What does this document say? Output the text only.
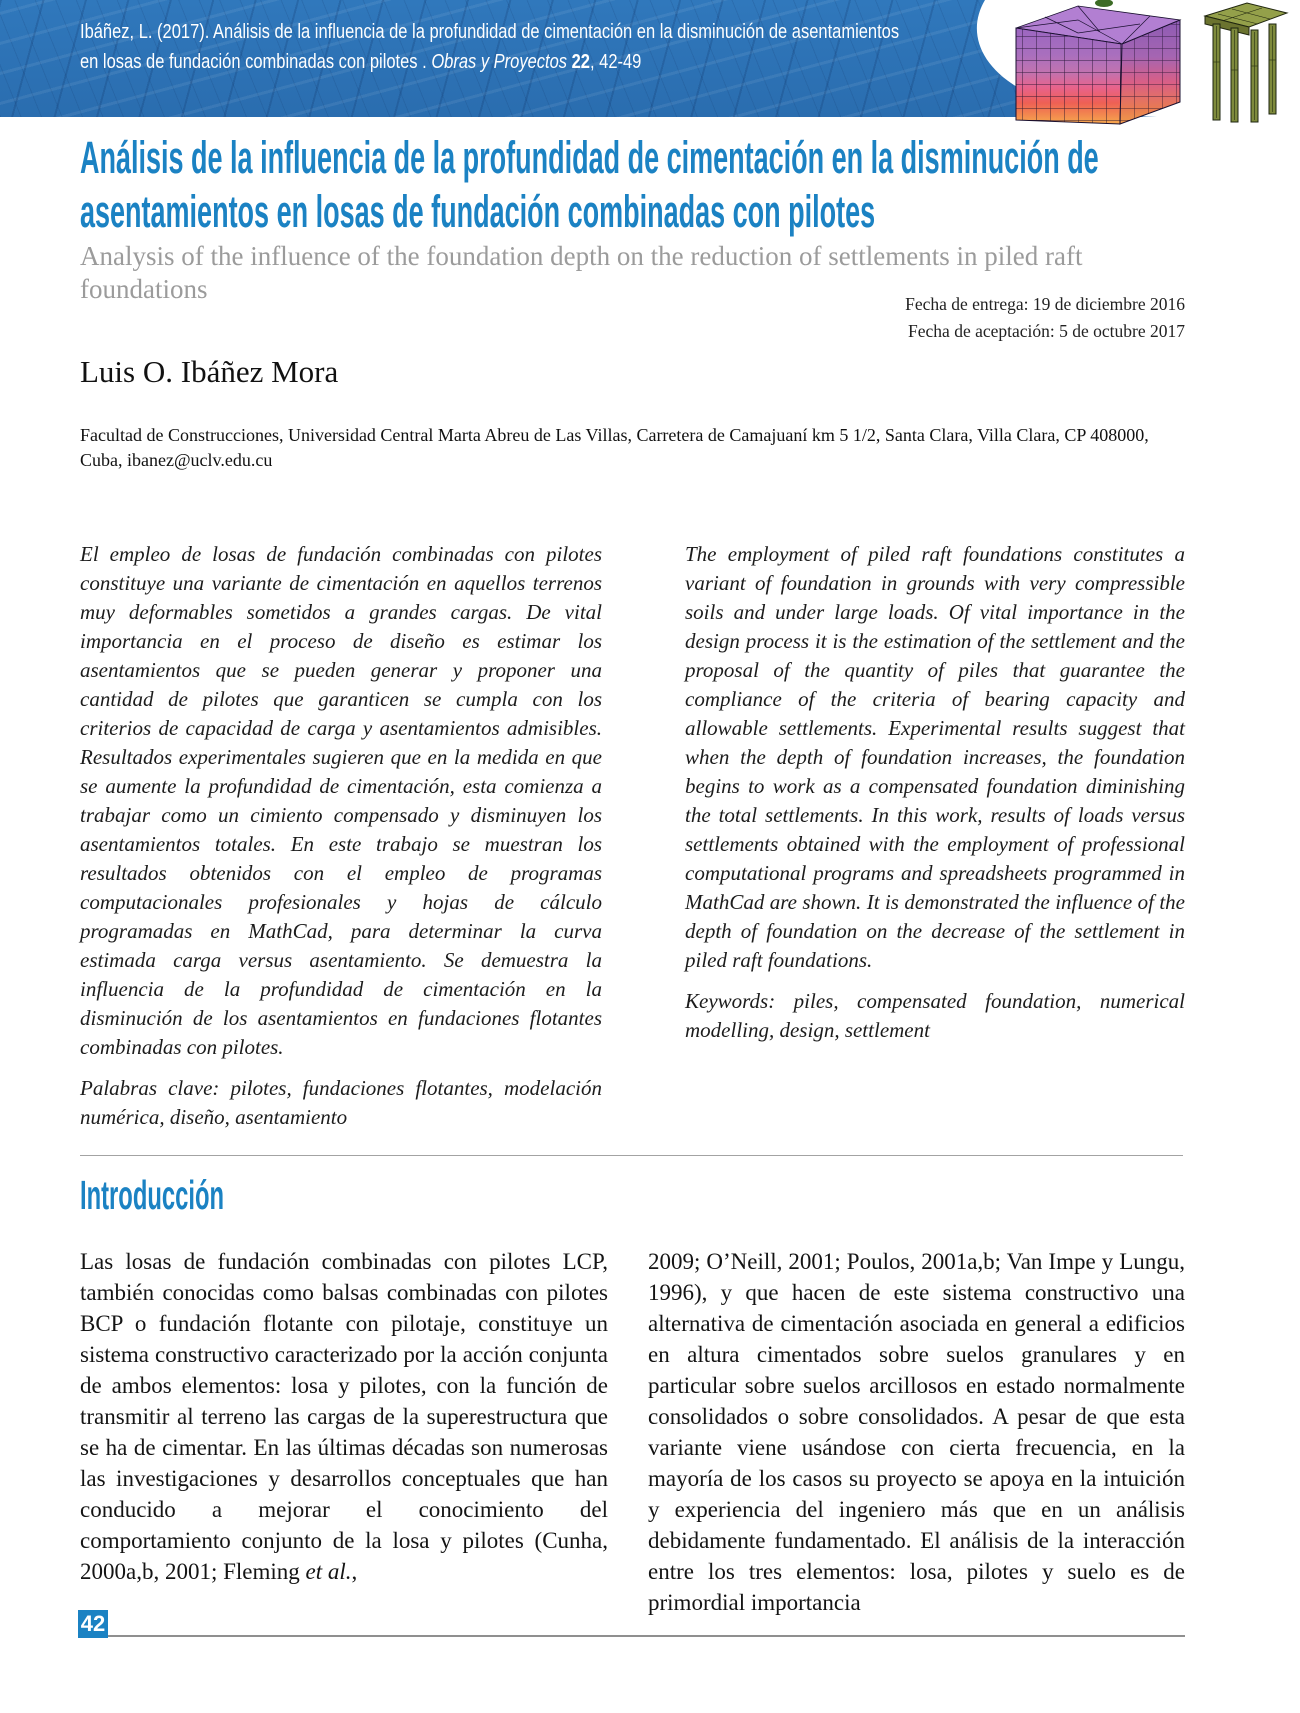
Ibáñez, L. (2017). Análisis de la influencia de la profundidad de cimentación en la disminución de asentamientos en losas de fundación combinadas con pilotes . Obras y Proyectos 22, 42-49
Análisis de la influencia de la profundidad de cimentación en la disminución de asentamientos en losas de fundación combinadas con pilotes
Analysis of the influence of the foundation depth on the reduction of settlements in piled raft foundations	Fecha de entrega: 19 de diciembre 2016
Fecha de aceptación: 5 de octubre 2017
Luis O. Ibáñez Mora
Facultad de Construcciones, Universidad Central Marta Abreu de Las Villas, Carretera de Camajuaní km 5 1/2, Santa Clara, Villa Clara, CP 408000, Cuba, ibanez@uclv.edu.cu
El empleo de losas de fundación combinadas con pilotes constituye una variante de cimentación en aquellos terrenos muy deformables sometidos a grandes cargas. De vital importancia en el proceso de diseño es estimar los asentamientos que se pueden generar y proponer una cantidad de pilotes que garanticen se cumpla con los criterios de capacidad de carga y asentamientos admisibles. Resultados experimentales sugieren que en la medida en que se aumente la profundidad de cimentación, esta comienza a trabajar como un cimiento compensado y disminuyen los asentamientos totales. En este trabajo se muestran los resultados obtenidos con el empleo de programas computacionales profesionales y hojas de cálculo programadas en MathCad, para determinar la curva estimada carga versus asentamiento. Se demuestra la influencia de la profundidad de cimentación en la disminución de los asentamientos en fundaciones flotantes combinadas con pilotes.
Palabras clave: pilotes, fundaciones flotantes, modelación numérica, diseño, asentamiento
The employment of piled raft foundations constitutes a variant of foundation in grounds with very compressible soils and under large loads. Of vital importance in the design process it is the estimation of the settlement and the proposal of the quantity of piles that guarantee the compliance of the criteria of bearing capacity and allowable settlements. Experimental results suggest that when the depth of foundation increases, the foundation begins to work as a compensated foundation diminishing the total settlements. In this work, results of loads versus settlements obtained with the employment of professional computational programs and spreadsheets programmed in MathCad are shown. It is demonstrated the influence of the depth of foundation on the decrease of the settlement in piled raft foundations.
Keywords: piles, compensated foundation, numerical modelling, design, settlement
Introducción
Las losas de fundación combinadas con pilotes LCP, también conocidas como balsas combinadas con pilotes BCP o fundación flotante con pilotaje, constituye un sistema constructivo caracterizado por la acción conjunta de ambos elementos: losa y pilotes, con la función de transmitir al terreno las cargas de la superestructura que se ha de cimentar. En las últimas décadas son numerosas las investigaciones y desarrollos conceptuales que han conducido a mejorar el conocimiento del comportamiento conjunto de la losa y pilotes (Cunha, 2000a,b, 2001; Fleming et al.,
2009; O’Neill, 2001; Poulos, 2001a,b; Van Impe y Lungu, 1996), y que hacen de este sistema constructivo una alternativa de cimentación asociada en general a edificios en altura cimentados sobre suelos granulares y en particular sobre suelos arcillosos en estado normalmente consolidados o sobre consolidados. A pesar de que esta variante viene usándose con cierta frecuencia, en la mayoría de los casos su proyecto se apoya en la intuición y experiencia del ingeniero más que en un análisis debidamente fundamentado. El análisis de la interacción entre los tres elementos: losa, pilotes y suelo es de primordial importancia
42
